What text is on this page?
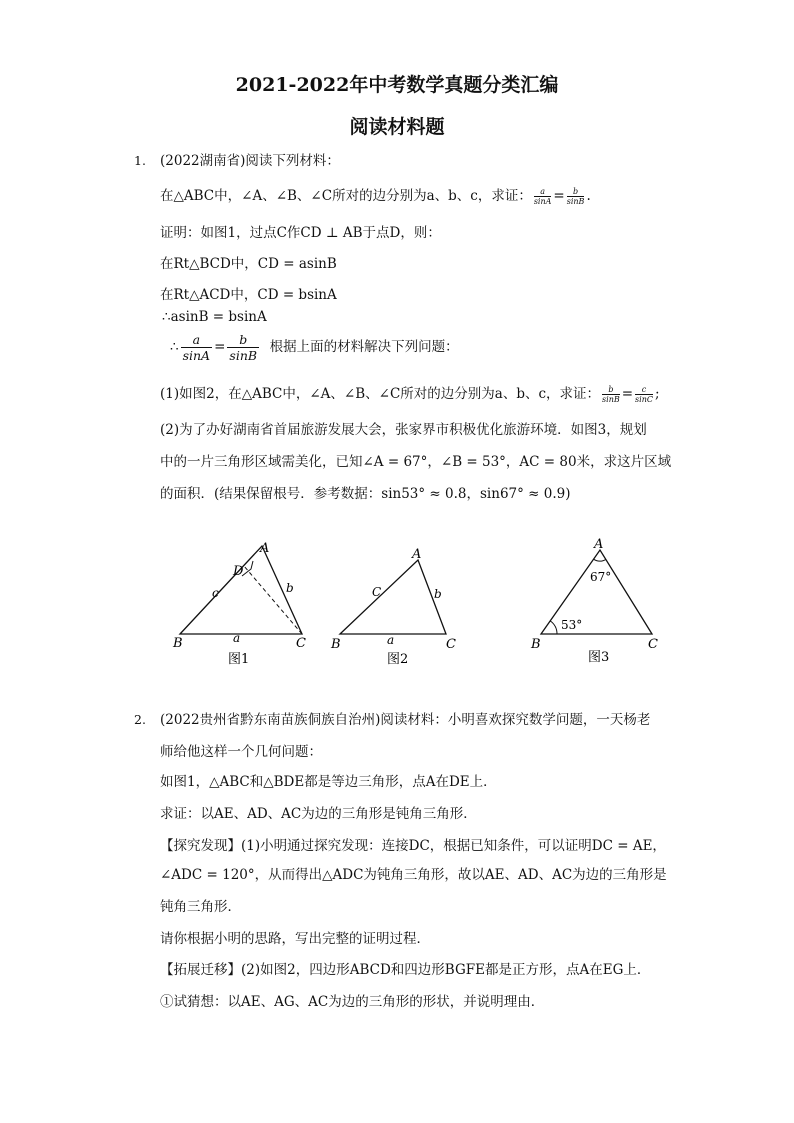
2021-2022年中考数学真题分类汇编
阅读材料题
1. (2022湖南省)阅读下列材料：
在△ABC中，∠A、∠B、∠C所对的边分别为a、b、c，求证： $\frac{a}{\sin A} = \frac{b}{\sin B}$ .
证明：如图1，过点C作CD ⊥ AB于点D，则：
在Rt△BCD中，CD = asinB
在Rt△ACD中，CD = bsinA
∴asinB = bsinA
∴ $\frac{a}{\sin A} = \frac{b}{\sin B}$ 根据上面的材料解决下列问题：
(1)如图2，在△ABC中，∠A、∠B、∠C所对的边分别为a、b、c，求证： $\frac{b}{\sin B} = \frac{c}{\sin C}$ ;
(2)为了办好湖南省首届旅游发展大会，张家界市积极优化旅游环境．如图3，规划
中的一片三角形区域需美化，已知∠A = 67°，∠B = 53°，AC = 80米，求这片区域
的面积．(结果保留根号．参考数据：sin53° ≈ 0.8，sin67° ≈ 0.9)
A
B	C
D
a
b
c
图1
A
B	C
a
b
C
图2
A
B	C
67°
53°
图3
2. (2022贵州省黔东南苗族侗族自治州)阅读材料：小明喜欢探究数学问题，一天杨老
师给他这样一个几何问题：
如图1，△ABC和△BDE都是等边三角形，点A在DE上．
求证：以AE、AD、AC为边的三角形是钝角三角形．
【探究发现】(1)小明通过探究发现：连接DC，根据已知条件，可以证明DC = AE，
∠ADC = 120°，从而得出△ADC为钝角三角形，故以AE、AD、AC为边的三角形是
钝角三角形．
请你根据小明的思路，写出完整的证明过程．
【拓展迁移】(2)如图2，四边形ABCD和四边形BGFE都是正方形，点A在EG上．
①试猜想：以AE、AG、AC为边的三角形的形状，并说明理由．
